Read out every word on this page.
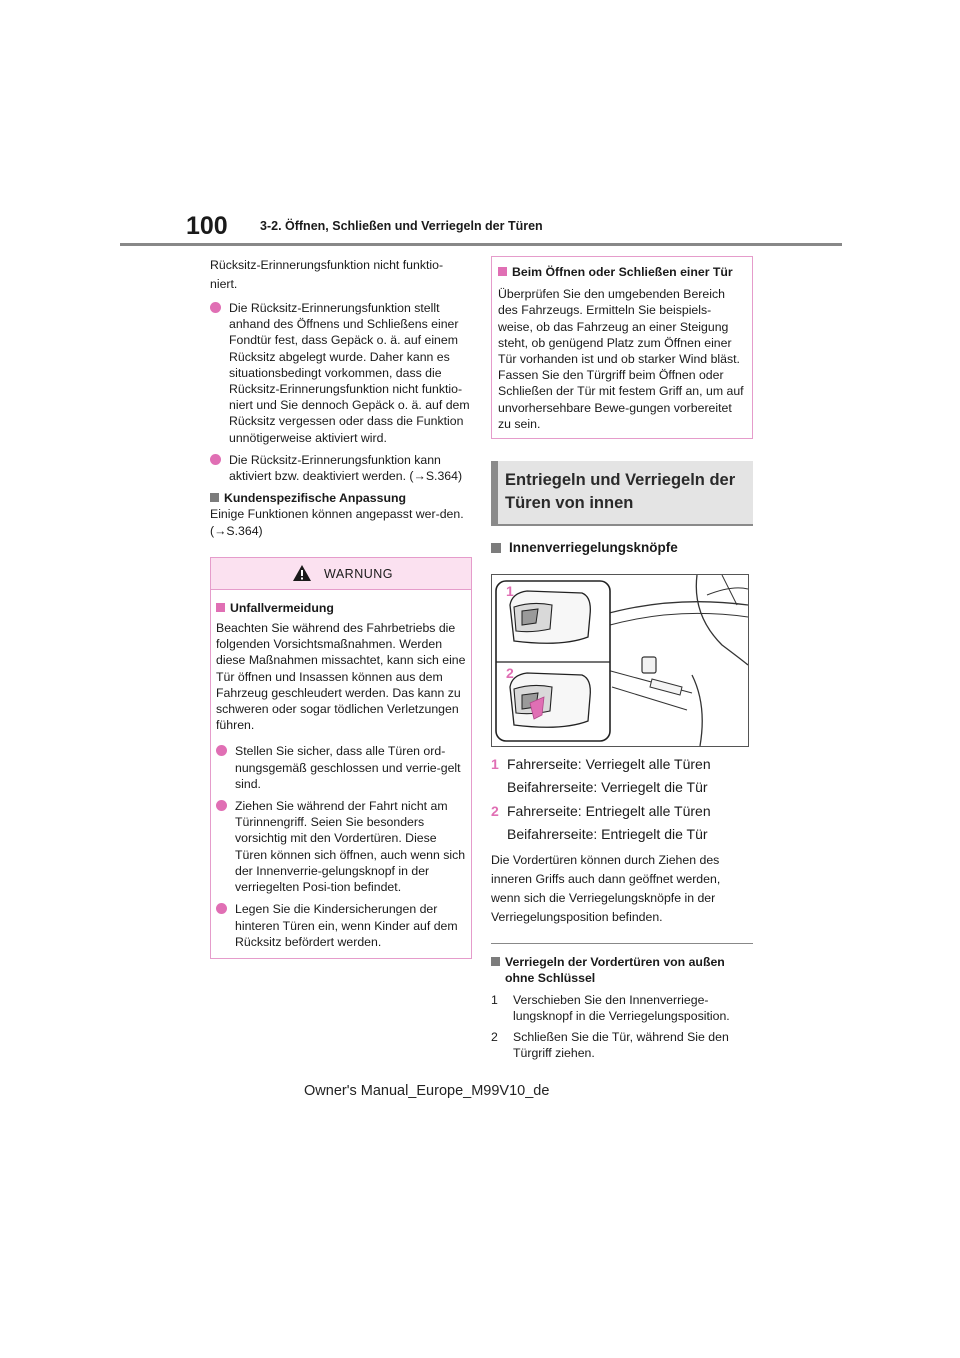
100	3-2. Öffnen, Schließen und Verriegeln der Türen

Rücksitz-Erinnerungsfunktion nicht funktio-
niert.

Die Rücksitz-Erinnerungsfunktion stellt anhand des Öffnens und Schließens einer Fondtür fest, dass Gepäck o. ä. auf einem Rücksitz abgelegt wurde. Daher kann es situationsbedingt vorkommen, dass die Rücksitz-Erinnerungsfunktion nicht funktio-niert und Sie dennoch Gepäck o. ä. auf dem Rücksitz vergessen oder dass die Funktion unnötigerweise aktiviert wird.
Die Rücksitz-Erinnerungsfunktion kann aktiviert bzw. deaktiviert werden. (→S.364)
Kundenspezifische Anpassung

Einige Funktionen können angepasst wer-den. (→S.364)

WARNUNG
Unfallvermeidung

Beachten Sie während des Fahrbetriebs die folgenden Vorsichtsmaßnahmen. Werden diese Maßnahmen missachtet, kann sich eine Tür öffnen und Insassen können aus dem Fahrzeug geschleudert werden. Das kann zu schweren oder sogar tödlichen Verletzungen führen.

Stellen Sie sicher, dass alle Türen ord-nungsgemäß geschlossen und verrie-gelt sind.
Ziehen Sie während der Fahrt nicht am Türinnengriff. Seien Sie besonders vorsichtig mit den Vordertüren. Diese Türen können sich öffnen, auch wenn sich der Innenverrie-gelungsknopf in der verriegelten Posi-tion befindet.
Legen Sie die Kindersicherungen der hinteren Türen ein, wenn Kinder auf dem Rücksitz befördert werden.
Beim Öffnen oder Schließen einer Tür

Überprüfen Sie den umgebenden Bereich des Fahrzeugs. Ermitteln Sie beispiels-weise, ob das Fahrzeug an einer Steigung steht, ob genügend Platz zum Öffnen einer Tür vorhanden ist und ob starker Wind bläst. Fassen Sie den Türgriff beim Öffnen oder Schließen der Tür mit festem Griff an, um auf unvorhersehbare Bewe-gungen vorbereitet zu sein.

Entriegeln und Verriegeln der Türen von innen
Innenverriegelungsknöpfe
1
2
1 Fahrerseite: Verriegelt alle Türen
Beifahrerseite: Verriegelt die Tür
2 Fahrerseite: Entriegelt alle Türen
Beifahrerseite: Entriegelt die Tür

Die Vordertüren können durch Ziehen des

inneren Griffs auch dann geöffnet werden,

wenn sich die Verriegelungsknöpfe in der

Verriegelungsposition befinden.

Verriegeln der Vordertüren von außen ohne Schlüssel
1 Verschieben Sie den Innenverriege-lungsknopf in die Verriegelungsposition.
2 Schließen Sie die Tür, während Sie den Türgriff ziehen.
Owner's Manual_Europe_M99V10_de
